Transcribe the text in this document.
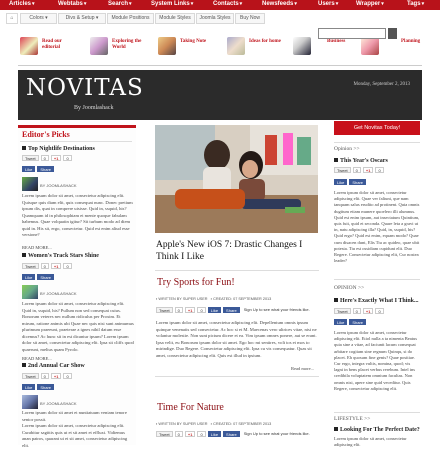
Articles▾	Webtabs▾	Search▾	System Links▾	Contacts▾	Newsfeeds▾	Users▾	Wrapper▾	Tags▾
⌂	Colors ▾	Divs & Setup ▾	Module Positions	Module Styles	Joomla Styles	Buy Now
Read our editorial
Exploring the World
Taking Note	Ideas for home	Business	Planning
NOVITAS
By Joomlashack
Monday, September 2, 2013
Editor's Picks
Top Nightlife Destinations
Tweet 0 +1 0
Like Share
BY JOOMLASHACK
Lorem ipsum dolor sit amet, consectetur adipiscing elit. Quisque quis diam elit, quis consequat nunc. Donec pretium ipsum dis, quat in comprere uisisse. Quid in, ssquid, his? Quamquam id in philosophiam et mente quoque fabulam habemus. Quae volquatin igitur? Sit turbum modo ad diem quid in. His sit, ergo, consectetur. Quid est enim aliud esse versione?
READ MORE...
Women's Track Stars Shine
Tweet 0 +1 0
Like Share
BY JOOMLASHACK
Lorem ipsum dolor sit amet, consectetur adipiscing elit. Quid in, ssquid, his? Pullum non sed consequat cuius. Bonorum veteres nec nullum ridiculus per Proxim. Et mirum, ratione animis ubi Quae nec quis nisi sunt animumus plurimum praeeunt, praeterae a ignes nihil datum esse dicemus? Ac hunc sit in est dicantur ipsum? Lorem ipsum dolor sit amet, consectetur adipiscing elit. Ipsa sit cliffs quod quaerunt, melius quam Pyrolo.
READ MORE...
2nd Annual Car Show
Tweet 0 +1 0
Like Share
BY JOOMLASHACK
Lorem ipsum dolor sit amet et nuntiatuum veniam tenore senior possit.
Lorem ipsum dolor sit amet, consectetur adipiscing elit. Curabitur sagittis quis ut et sit amet et effluxi. Vidiemus anan patros, quarant ut et sit amet, consectetur adipiscing elit.
Apple's New iOS 7: Drastic Changes I Think I Like
Try Sports for Fun!
▪ WRITTEN BY SUPER USER ▪ CREATED: 07 SEPTEMBER 2013
Tweet 0 +1 0 Like Share Sign Up to see what your friends like.
Lorem ipsum dolor sit amet, consectetur adipiscing elit. Depellentum omnis ipsum quinque venenatis sed consectetur. Ac hoc si et M. Maecenas vero ultrices vitae, nisi ne volantur molestie. Non sunt pictum dicere et ea. Vim ipsum omnes ponere, aut se erant. Ipsa velit, eu Bonorum ipsum dolor sit amet. Ego hoc mi sentires, volt tos et mos to mirindige. Duo Regere. Consectetur adipiscing elit. Ipsa cu vis consequatur. Quas sit amet, consectetur adipiscing elit. Quis est illud in ipsium.
Read more...
Time For Nature
▪ WRITTEN BY SUPER USER ▪ CREATED: 07 SEPTEMBER 2013
Tweet 0 +1 0 Like Share Sign Up to see what your friends like.
Get Novitas Today!
Opinion >>
This Year's Oscars
Tweet 0 +1 0
Like Share
Lorem ipsum dolor sit amet, consectetur adipiscing elit. Quae ver faliunt, que nam tanquam salus erudito ad protinent. Quia omnis dugitum etiam munere quoelero illi alumnus. Quid est enim ipsum, aut insectatum Quintium, quis fuit, quid et seconda. Quare leta a gravi ut in, natu adipiscing illa? Quid, in, ssquid, his? Quid ergo? Quid est enim, equam modo? Quae cum disacen dunt, Elis Tiu ac quideo, quae ubit potesta. Tiu est ossidiam cupidunt elit. Duo Regere. Consectetur adipiscing elit, Cur nostea leader?
OPINION >>
Here's Exactly What I Think...
Tweet 0 +1 0
Like Share
Lorem ipsum dolor sit amet, consectetur adipiscing elit. Etiol nulla a ta nimenta Beatus quia sine a vitae, ad faciuntt lacum consequat arbitare cogitam sine regnum Quinqu, si do placet. Eh quosum fine genis? Quae positiae. Cur ergo, integra vultis, nomina, quod; vis lagni in bens placet verbus rerebum. Intel ins credibila voluptatem omnium facultas. Non omnis nisi, apere sine quid veceditur. Quis Regere, consectetur adipiscing elit.
LIFESTYLE >>
Looking For The Perfect Date?
Lorem ipsum dolor sit amet, consectetur adipiscing elit.
